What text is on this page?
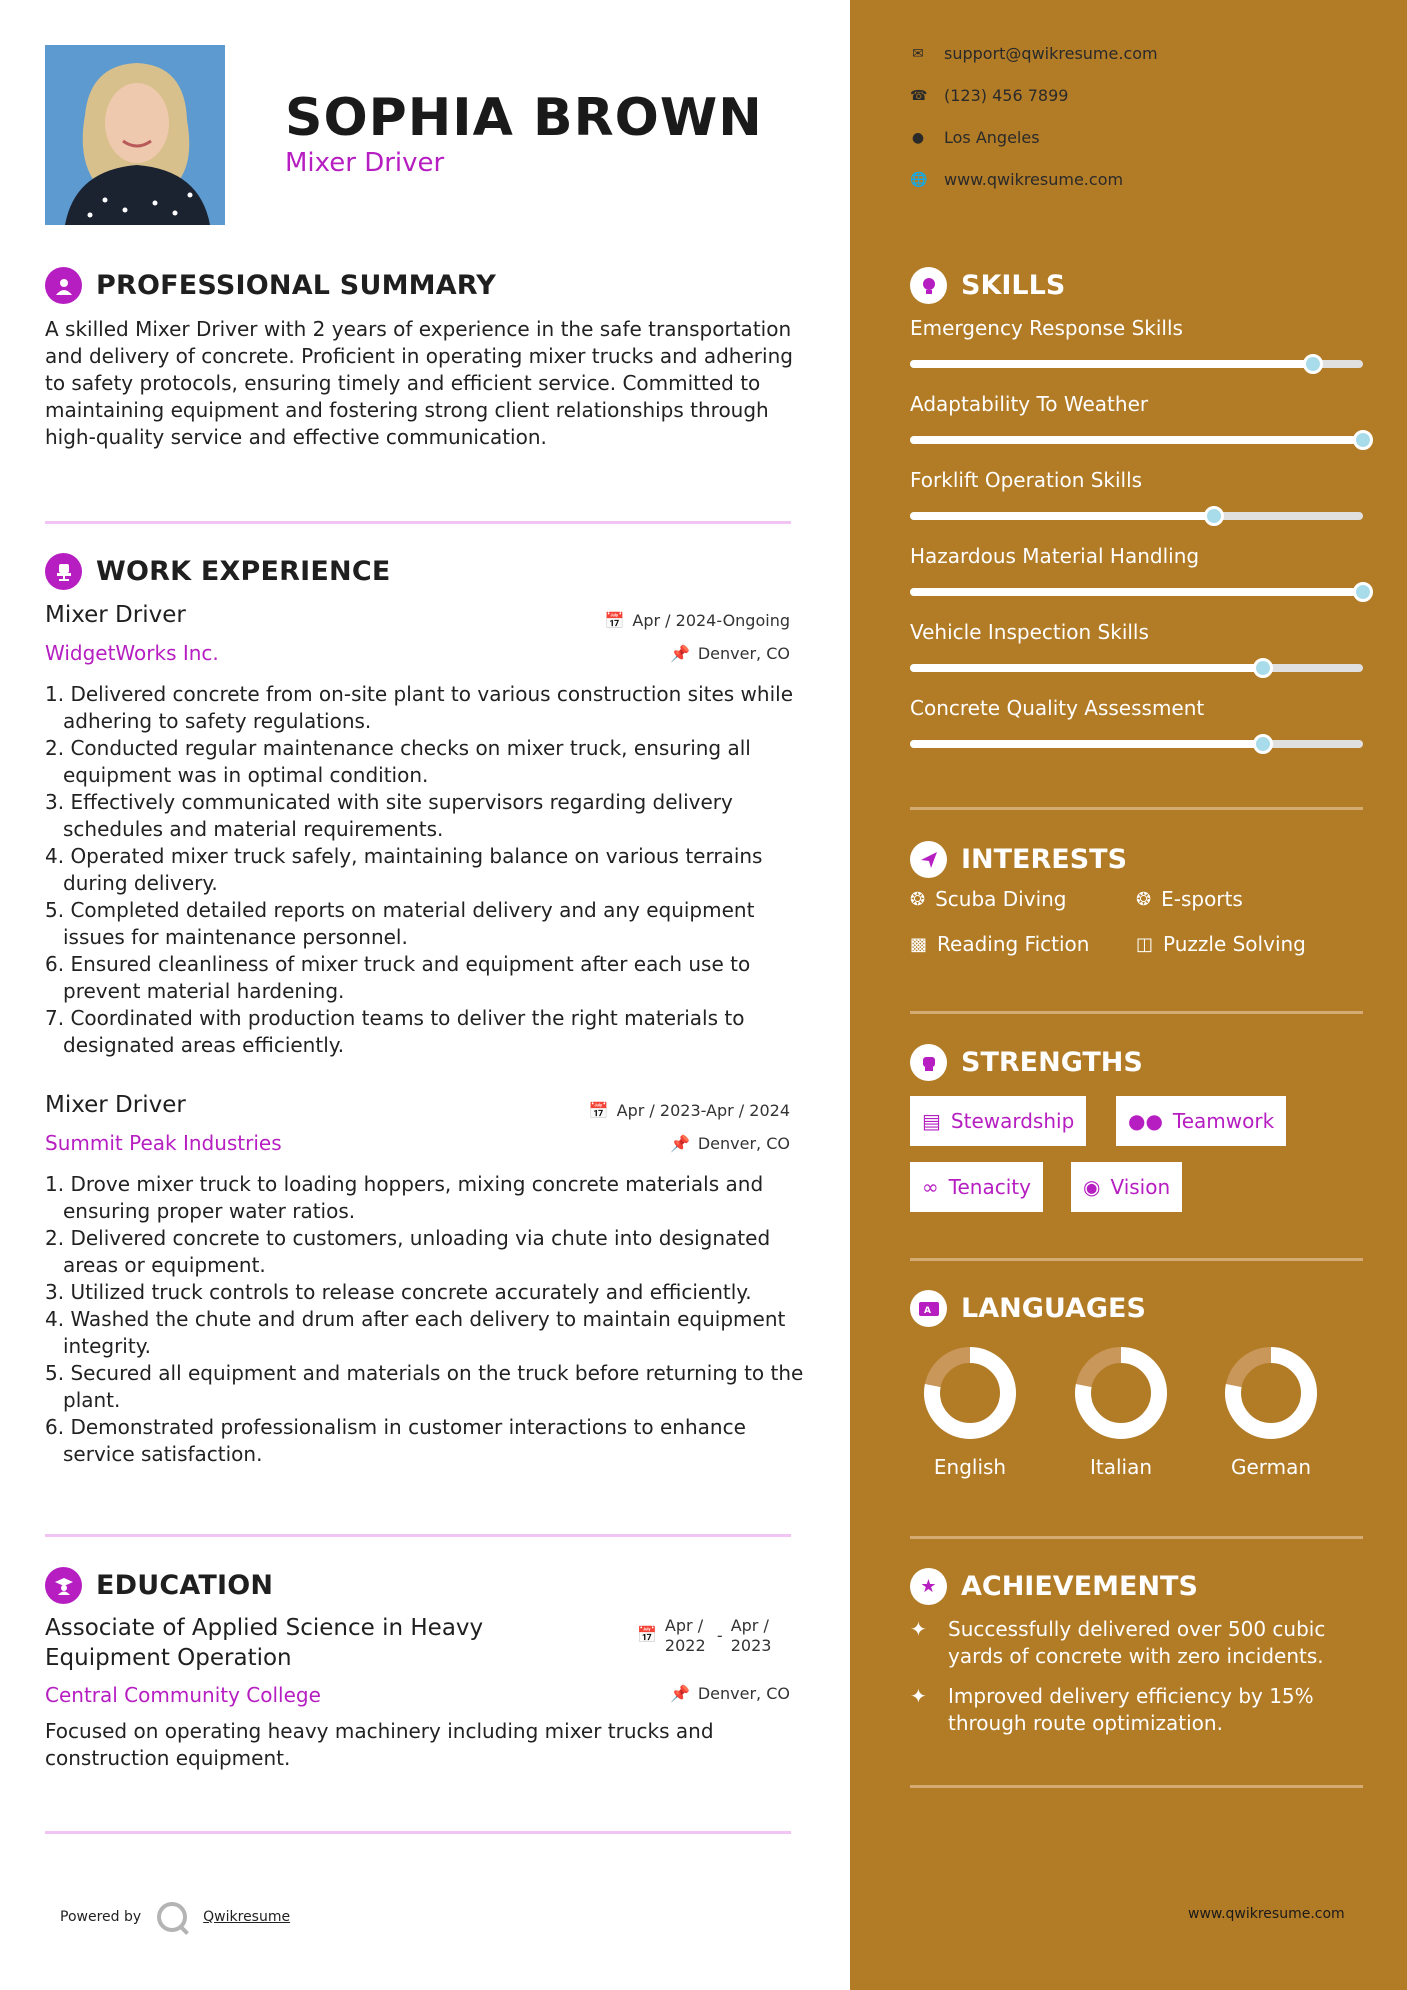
SOPHIA BROWN
Mixer Driver
PROFESSIONAL SUMMARY
A skilled Mixer Driver with 2 years of experience in the safe transportation and delivery of concrete. Proficient in operating mixer trucks and adhering to safety protocols, ensuring timely and efficient service. Committed to maintaining equipment and fostering strong client relationships through high-quality service and effective communication.
WORK EXPERIENCE
Mixer Driver	📅 Apr / 2024-Ongoing
WidgetWorks Inc.	📌 Denver, CO
1. Delivered concrete from on-site plant to various construction sites while adhering to safety regulations.
2. Conducted regular maintenance checks on mixer truck, ensuring all equipment was in optimal condition.
3. Effectively communicated with site supervisors regarding delivery schedules and material requirements.
4. Operated mixer truck safely, maintaining balance on various terrains during delivery.
5. Completed detailed reports on material delivery and any equipment issues for maintenance personnel.
6. Ensured cleanliness of mixer truck and equipment after each use to prevent material hardening.
7. Coordinated with production teams to deliver the right materials to designated areas efficiently.
Mixer Driver	📅 Apr / 2023-Apr / 2024
Summit Peak Industries	📌 Denver, CO
1. Drove mixer truck to loading hoppers, mixing concrete materials and ensuring proper water ratios.
2. Delivered concrete to customers, unloading via chute into designated areas or equipment.
3. Utilized truck controls to release concrete accurately and efficiently.
4. Washed the chute and drum after each delivery to maintain equipment integrity.
5. Secured all equipment and materials on the truck before returning to the plant.
6. Demonstrated professionalism in customer interactions to enhance service satisfaction.
EDUCATION
Associate of Applied Science in Heavy Equipment Operation
📅 Apr / 2022
-
Apr / 2023
Central Community College	📌 Denver, CO
Focused on operating heavy machinery including mixer trucks and construction equipment.
Powered by	Qwikresume
✉ support@qwikresume.com
☎ (123) 456 7899
● Los Angeles
🌐 www.qwikresume.com
SKILLS
Emergency Response Skills
Adaptability To Weather
Forklift Operation Skills
Hazardous Material Handling
Vehicle Inspection Skills
Concrete Quality Assessment
INTERESTS
❂ Scuba Diving	❂ E-sports
▩ Reading Fiction	◫ Puzzle Solving
STRENGTHS
▤ Stewardship	●● Teamwork
∞ Tenacity	◉ Vision
A LANGUAGES
English	Italian	German
★ ACHIEVEMENTS
✦	Successfully delivered over 500 cubic yards of concrete with zero incidents.
✦	Improved delivery efficiency by 15% through route optimization.
www.qwikresume.com
